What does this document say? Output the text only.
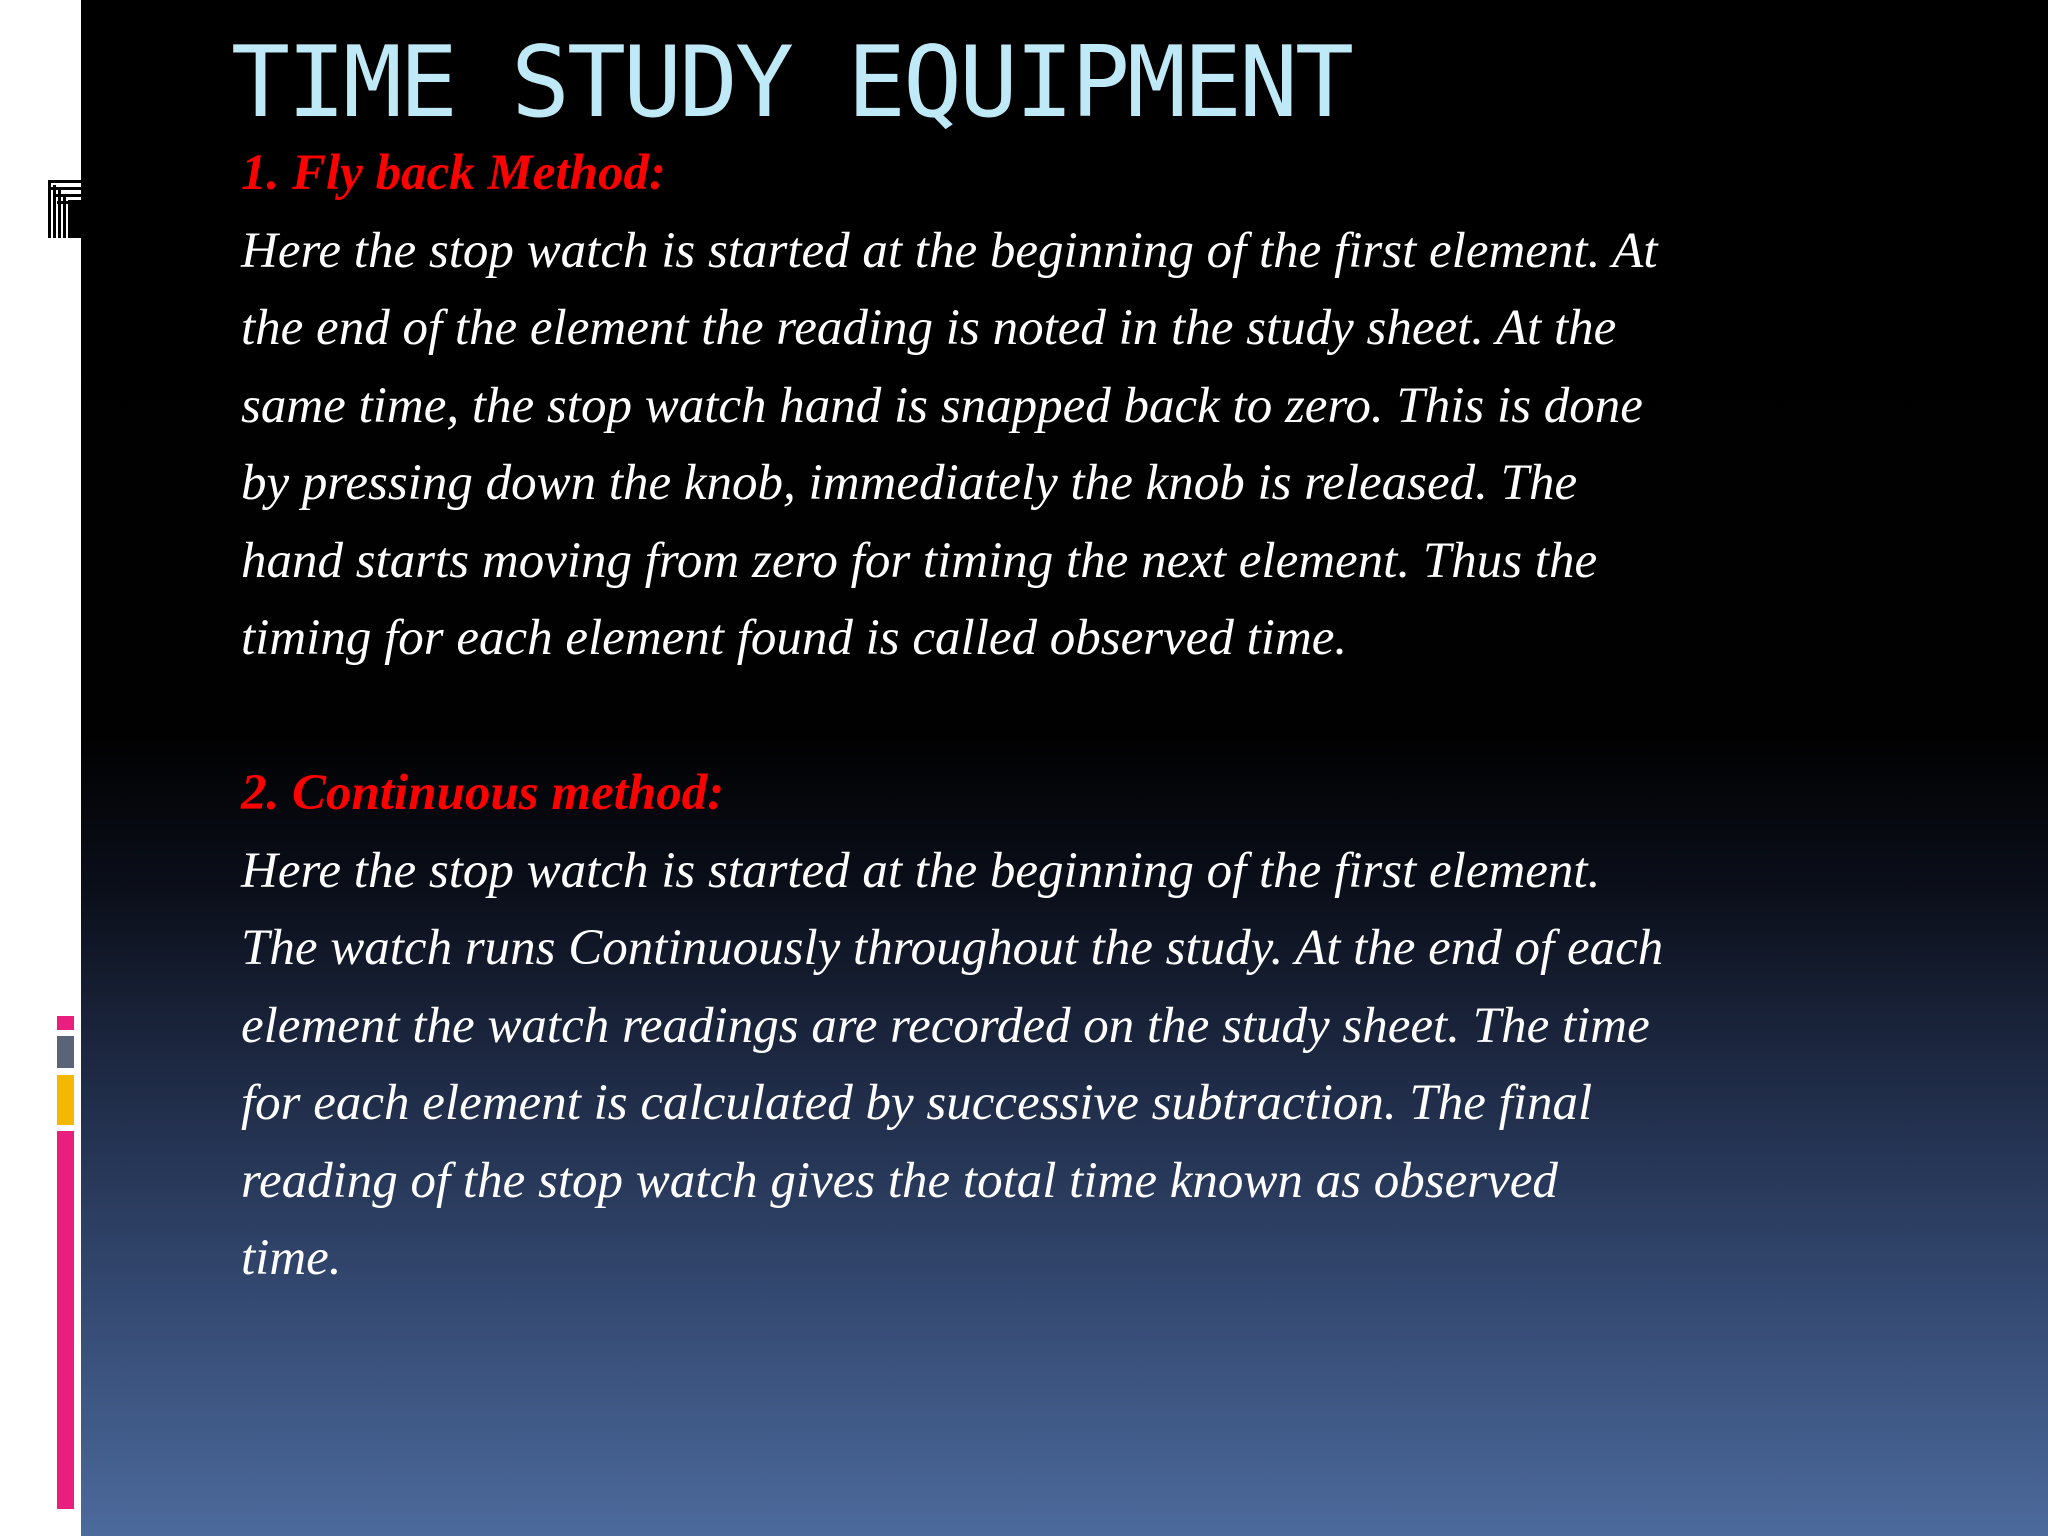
TIME STUDY EQUIPMENT
1. Fly back Method:
Here the stop watch is started at the beginning of the first element. At
the end of the element the reading is noted in the study sheet. At the
same time, the stop watch hand is snapped back to zero. This is done
by pressing down the knob, immediately the knob is released. The
hand starts moving from zero for timing the next element. Thus the
timing for each element found is called observed time.
2. Continuous method:
Here the stop watch is started at the beginning of the first element.
The watch runs Continuously throughout the study. At the end of each
element the watch readings are recorded on the study sheet. The time
for each element is calculated by successive subtraction. The final
reading of the stop watch gives the total time known as observed
time.
